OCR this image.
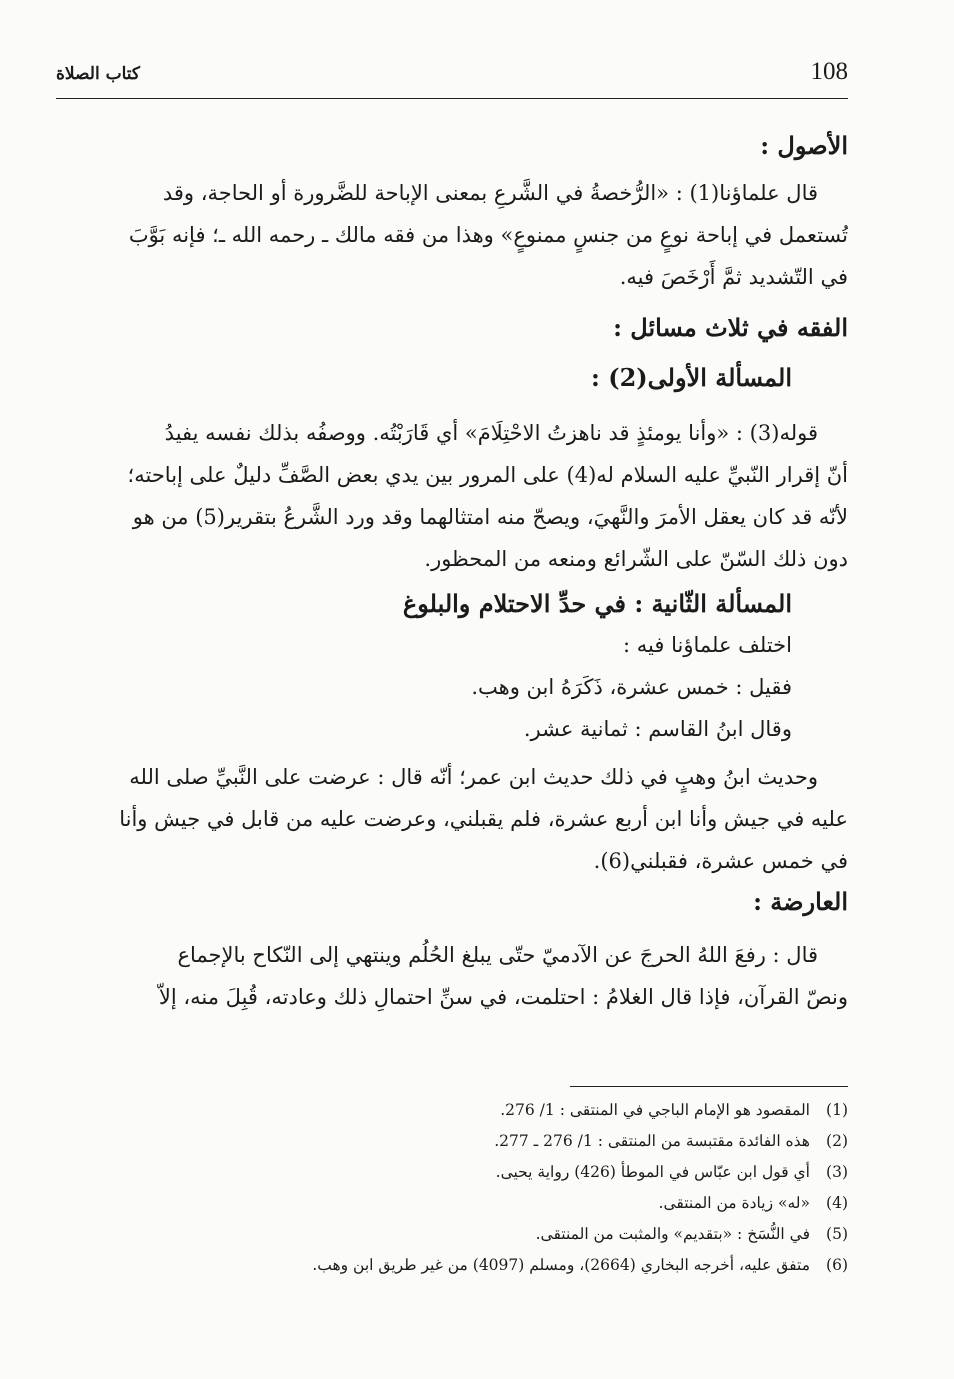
108
كتاب الصلاة
الأصول :
قال علماؤنا(1) : «الرُّخصةُ في الشَّرعِ بمعنى الإباحة للضَّرورة أو الحاجة، وقد
تُستعمل في إباحة نوعٍ من جنسٍ ممنوعٍ» وهذا من فقه مالك ـ رحمه الله ـ؛ فإنه بَوَّبَ
في التّشديد ثمَّ أَرْخَصَ فيه.
الفقه في ثلاث مسائل :
المسألة الأولى(2) :
قوله(3) : «وأنا يومئذٍ قد ناهزتُ الاحْتِلَامَ» أي قَارَبْتُه. ووصفُه بذلك نفسه يفيدُ
أنّ إقرار النّبيِّ عليه السلام له(4) على المرور بين يدي بعض الصَّفِّ دليلٌ على إباحته؛
لأنّه قد كان يعقل الأمرَ والنَّهيَ، ويصحّ منه امتثالهما وقد ورد الشَّرعُ بتقرير(5) من هو
دون ذلك السّنّ على الشّرائع ومنعه من المحظور.
المسألة الثّانية : في حدِّ الاحتلام والبلوغ
اختلف علماؤنا فيه :
فقيل : خمس عشرة، ذَكَرَهُ ابن وهب.
وقال ابنُ القاسم : ثمانية عشر.
وحديث ابنُ وهبٍ في ذلك حديث ابن عمر؛ أنّه قال : عرضت على النَّبيِّ صلى الله
عليه في جيش وأنا ابن أربع عشرة، فلم يقبلني، وعرضت عليه من قابل في جيش وأنا
في خمس عشرة، فقبلني(6).
العارضة :
قال : رفعَ اللهُ الحرجَ عن الآدميّ حتّى يبلغ الحُلُم وينتهي إلى النّكاح بالإجماع
ونصّ القرآن، فإذا قال الغلامُ : احتلمت، في سنِّ احتمالِ ذلك وعادته، قُبِلَ منه، إلاّ
(1)المقصود هو الإمام الباجي في المنتقى : 1/ 276.
(2)هذه الفائدة مقتبسة من المنتقى : 1/ 276 ـ 277.
(3)أي قول ابن عبّاس في الموطأ (426) رواية يحيى.
(4)«له» زيادة من المنتقى.
(5)في النُّسَخ : «بتقديم» والمثبت من المنتقى.
(6)متفق عليه، أخرجه البخاري (2664)، ومسلم (4097) من غير طريق ابن وهب.
